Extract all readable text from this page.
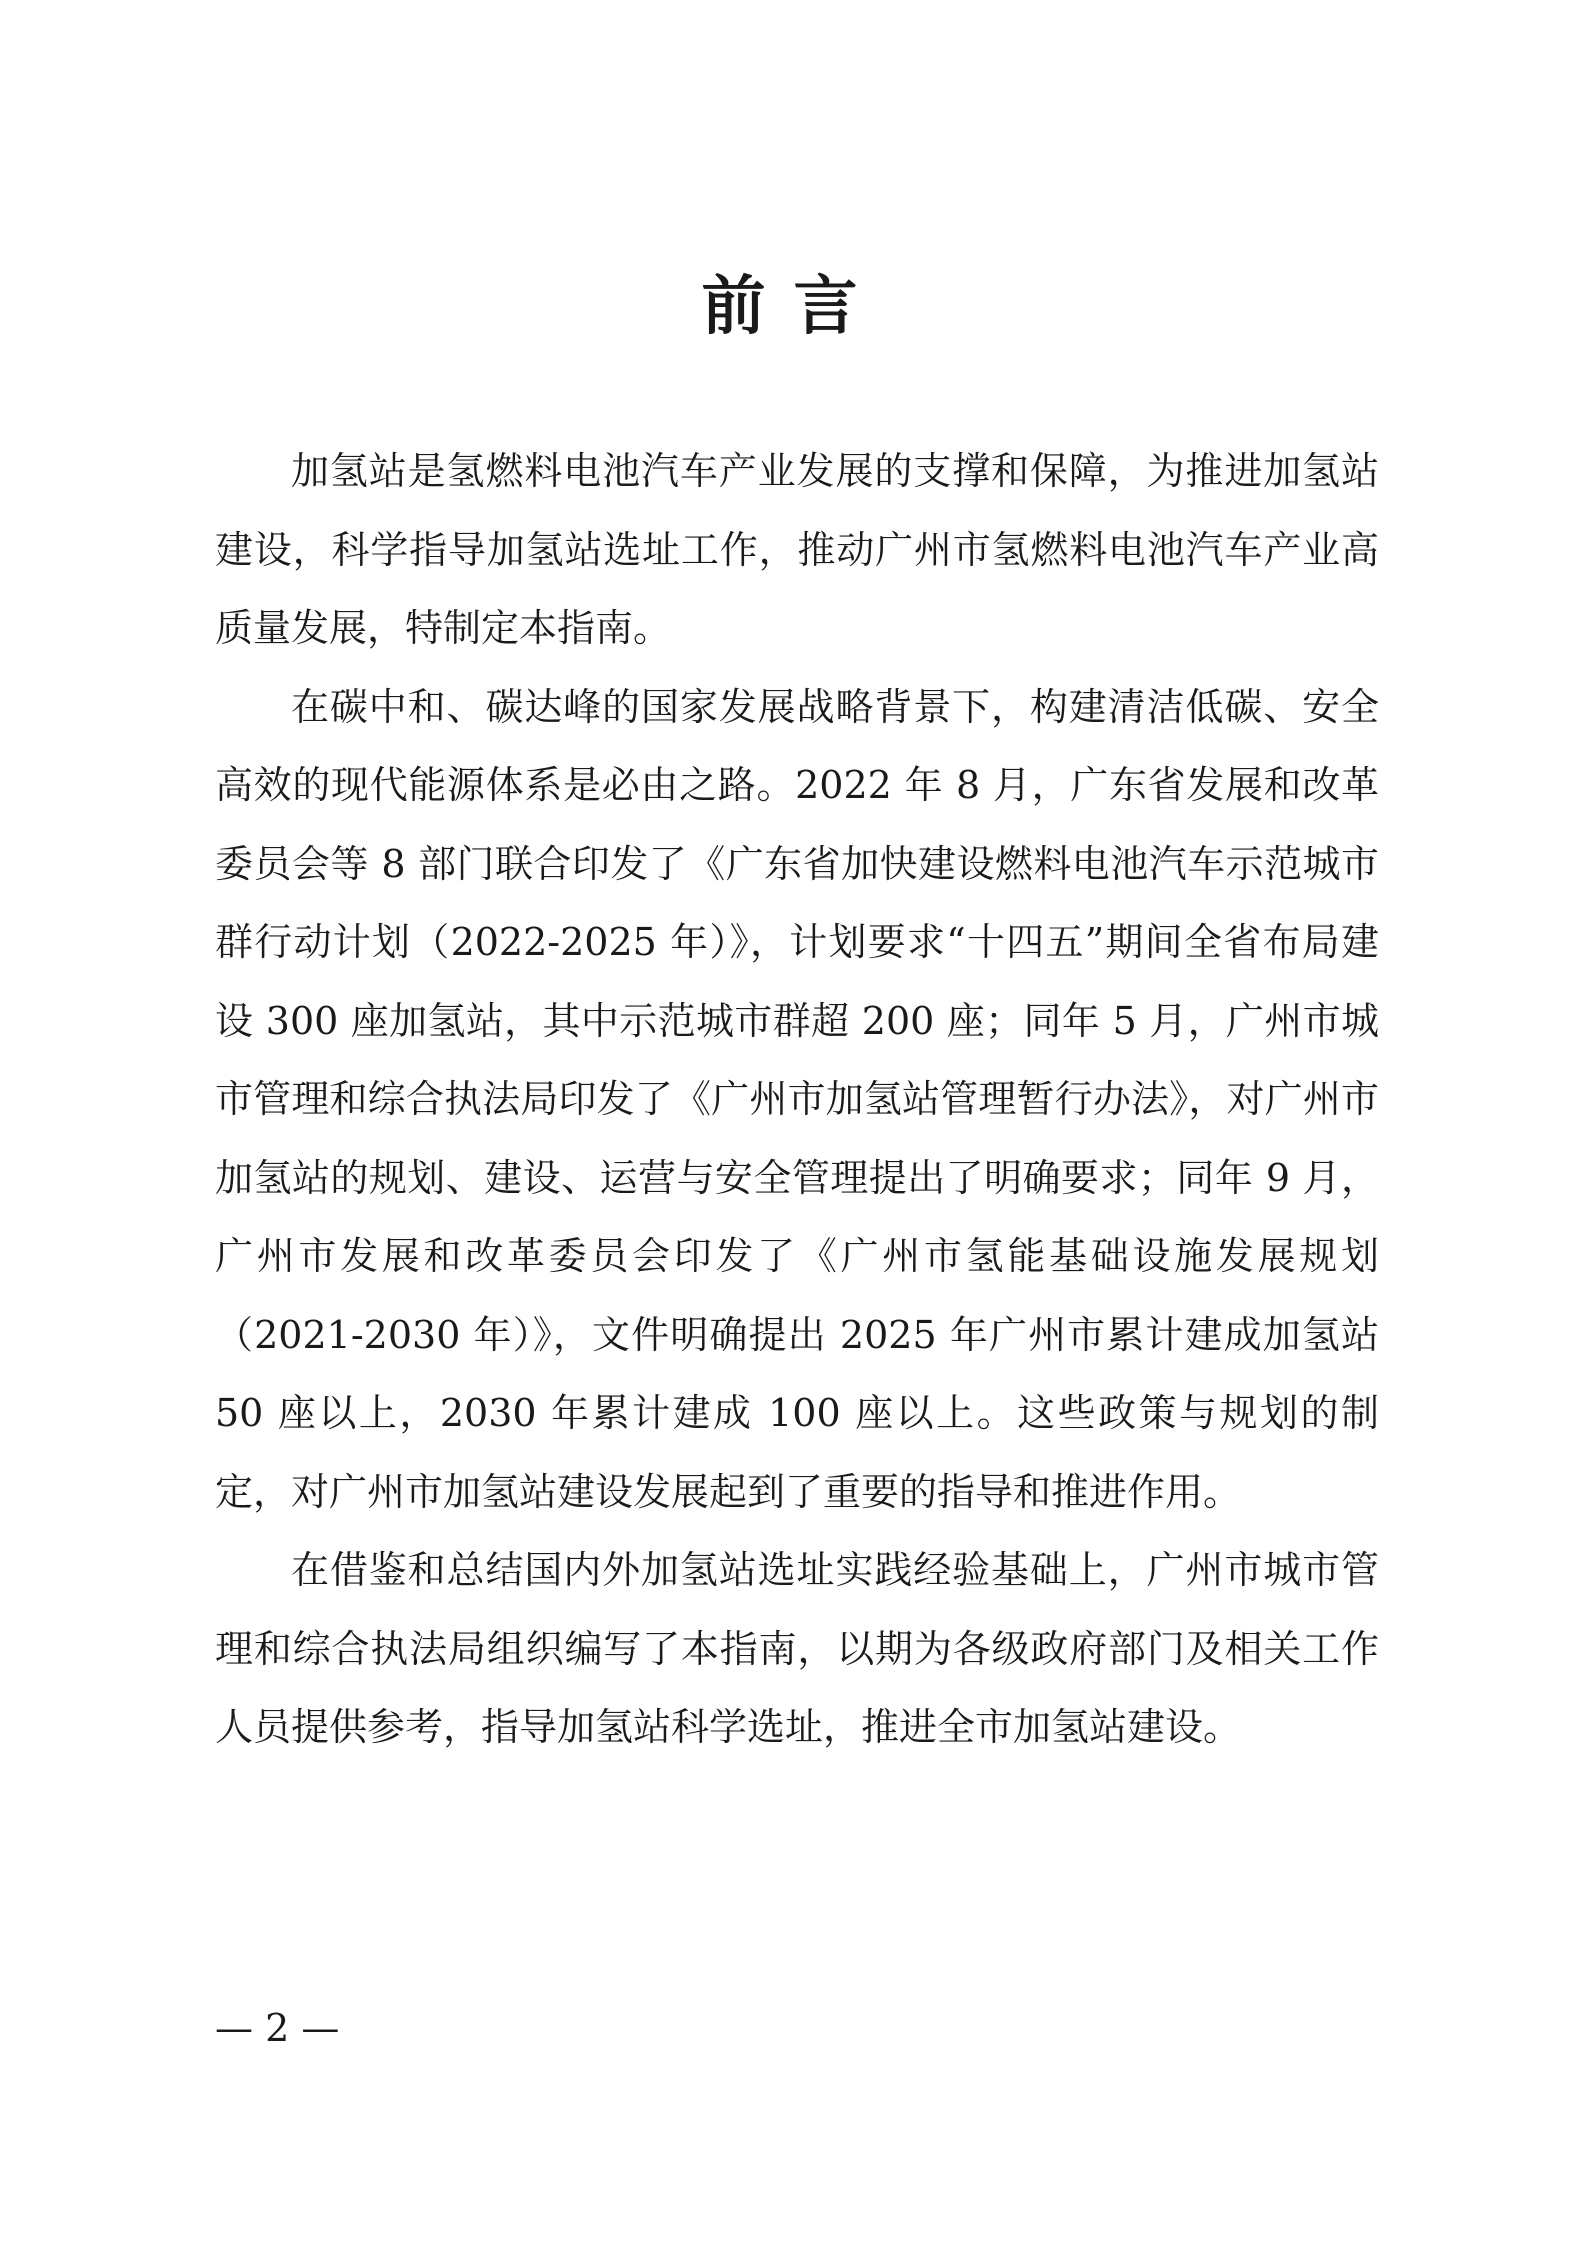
前言

加氢站是氢燃料电池汽车产业发展的支撑和保障，为推进加氢站建设，科学指导加氢站选址工作，推动广州市氢燃料电池汽车产业高质量发展，特制定本指南。

在碳中和、碳达峰的国家发展战略背景下，构建清洁低碳、安全高效的现代能源体系是必由之路。2022 年 8 月，广东省发展和改革委员会等 8 部门联合印发了《广东省加快建设燃料电池汽车示范城市群行动计划（2022-2025 年）》，计划要求“十四五”期间全省布局建设 300 座加氢站，其中示范城市群超 200 座；同年 5 月，广州市城市管理和综合执法局印发了《广州市加氢站管理暂行办法》，对广州市加氢站的规划、建设、运营与安全管理提出了明确要求；同年 9 月，广州市发展和改革委员会印发了《广州市氢能基础设施发展规划（2021-2030 年）》，文件明确提出 2025 年广州市累计建成加氢站 50 座以上，2030 年累计建成 100 座以上。这些政策与规划的制定，对广州市加氢站建设发展起到了重要的指导和推进作用。

在借鉴和总结国内外加氢站选址实践经验基础上，广州市城市管理和综合执法局组织编写了本指南，以期为各级政府部门及相关工作人员提供参考，指导加氢站科学选址，推进全市加氢站建设。

— 2 —
